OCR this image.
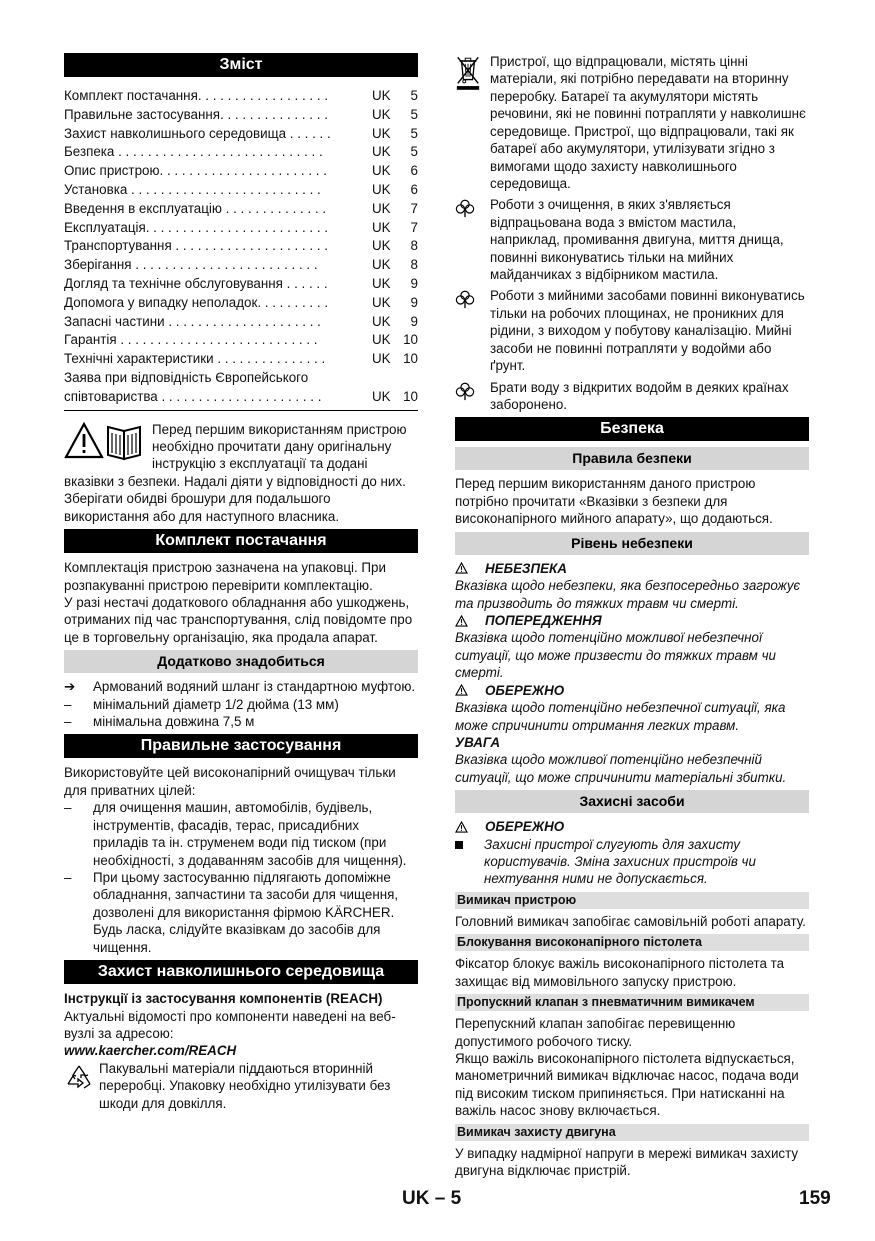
Зміст
Комплект постачання. . . . . . . . . . . . . . . . . .	UK	5
Правильне застосування. . . . . . . . . . . . . . .	UK	5
Захист навколишнього середовища . . . . . .	UK	5
Безпека . . . . . . . . . . . . . . . . . . . . . . . . . . . .	UK	5
Опис пристрою. . . . . . . . . . . . . . . . . . . . . . .	UK	6
Установка . . . . . . . . . . . . . . . . . . . . . . . . . .	UK	6
Введення в експлуатацію . . . . . . . . . . . . . .	UK	7
Експлуатація. . . . . . . . . . . . . . . . . . . . . . . . .	UK	7
Транспортування . . . . . . . . . . . . . . . . . . . . .	UK	8
Зберігання . . . . . . . . . . . . . . . . . . . . . . . . .	UK	8
Догляд та технічне обслуговування . . . . . .	UK	9
Допомога у випадку неполадок. . . . . . . . . .	UK	9
Запасні частини . . . . . . . . . . . . . . . . . . . . .	UK	9
Гарантія . . . . . . . . . . . . . . . . . . . . . . . . . . .	UK 10
Технічні характеристики . . . . . . . . . . . . . . .	UK 10
Заява при відповідність Європейського
співтовариства . . . . . . . . . . . . . . . . . . . . . .	UK 10

Перед першим використанням пристрою необхідно прочитати дану оригінальну інструкцію з експлуатації та додані вказівки з безпеки. Надалі діяти у відповідності до них. Зберігати обидві брошури для подальшого використання або для наступного власника.

Комплект постачання

Комплектація пристрою зазначена на упаковці. При розпакуванні пристрою перевірити комплектацію.

У разі нестачі додаткового обладнання або ушкоджень, отриманих під час транспортування, слід повідомте про це в торговельну організацію, яка продала апарат.

Додатково знадобиться
➔	Армований водяний шланг із стандартною муфтою.
–	мінімальний діаметр 1/2 дюйма (13 мм)
–	мінімальна довжина 7,5 м
Правильне застосування

Використовуйте цей високонапірний очищувач тільки для приватних цілей:

–	для очищення машин, автомобілів, будівель, інструментів, фасадів, терас, присадибних приладів та ін. струменем води під тиском (при необхідності, з додаванням засобів для чищення).
–	При цьому застосуванню підлягають допоміжне обладнання, запчастини та засоби для чищення, дозволені для використання фірмою KÄRCHER. Будь ласка, слідуйте вказівкам до засобів для чищення.
Захист навколишнього середовища

Інструкції із застосування компонентів (REACH)

Актуальні відомості про компоненти наведені на веб-вузлі за адресою:

www.kaercher.com/REACH

Пакувальні матеріали піддаються вторинній переробці. Упаковку необхідно утилізувати без шкоди для довкілля.
Пристрої, що відпрацювали, містять цінні матеріали, які потрібно передавати на вторинну переробку. Батареї та акумулятори містять речовини, які не повинні потрапляти у навколишнє середовище. Пристрої, що відпрацювали, такі як батареї або акумулятори, утилізувати згідно з вимогами щодо захисту навколишнього середовища.
Роботи з очищення, в яких з'являється відпрацьована вода з вмістом мастила, наприклад, промивання двигуна, миття днища, повинні виконуватись тільки на мийних майданчиках з відбірником мастила.
Роботи з мийними засобами повинні виконуватись тільки на робочих площинах, не проникних для рідини, з виходом у побутову каналізацію. Мийні засоби не повинні потрапляти у водойми або ґрунт.
Брати воду з відкритих водойм в деяких країнах заборонено.
Безпека
Правила безпеки

Перед першим використанням даного пристрою потрібно прочитати «Вказівки з безпеки для високонапірного мийного апарату», що додаються.

Рівень небезпеки

НЕБЕЗПЕКА

Вказівка щодо небезпеки, яка безпосередньо загрожує та призводить до тяжких травм чи смерті.

ПОПЕРЕДЖЕННЯ

Вказівка щодо потенційно можливої небезпечної ситуації, що може призвести до тяжких травм чи смерті.

ОБЕРЕЖНО

Вказівка щодо потенційно небезпечної ситуації, яка може спричинити отримання легких травм.

УВАГА

Вказівка щодо можливої потенційно небезпечній ситуації, що може спричинити матеріальні збитки.

Захисні засоби

ОБЕРЕЖНО

Захисні пристрої слугують для захисту користувачів. Зміна захисних пристроїв чи нехтування ними не допускається.
Вимикач пристрою

Головний вимикач запобігає самовільній роботі апарату.

Блокування високонапірного пістолета

Фіксатор блокує важіль високонапірного пістолета та захищає від мимовільного запуску пристрою.

Пропускний клапан з пневматичним вимикачем

Перепускний клапан запобігає перевищенню допустимого робочого тиску.

Якщо важіль високонапірного пістолета відпускається, манометричний вимикач відключає насос, подача води під високим тиском припиняється. При натисканні на важіль насос знову включається.

Вимикач захисту двигуна

У випадку надмірної напруги в мережі вимикач захисту двигуна відключає пристрій.

UK – 5	159
